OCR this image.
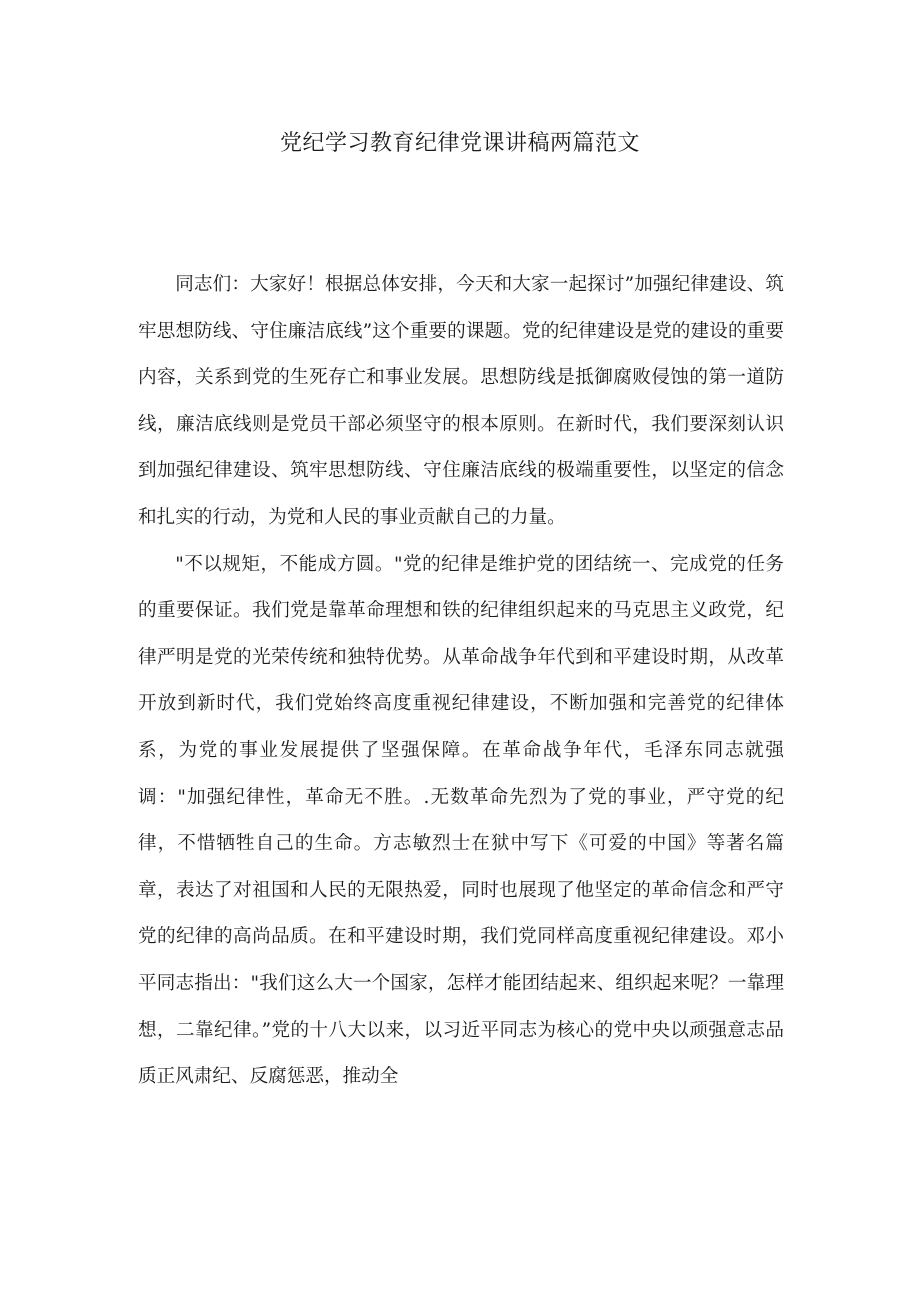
党纪学习教育纪律党课讲稿两篇范文

同志们：大家好！根据总体安排，今天和大家一起探讨”加强纪律建设、筑牢思想防线、守住廉洁底线”这个重要的课题。党的纪律建设是党的建设的重要内容，关系到党的生死存亡和事业发展。思想防线是抵御腐败侵蚀的第一道防线，廉洁底线则是党员干部必须坚守的根本原则。在新时代，我们要深刻认识到加强纪律建设、筑牢思想防线、守住廉洁底线的极端重要性，以坚定的信念和扎实的行动，为党和人民的事业贡献自己的力量。

"不以规矩，不能成方圆。"党的纪律是维护党的团结统一、完成党的任务的重要保证。我们党是靠革命理想和铁的纪律组织起来的马克思主义政党，纪律严明是党的光荣传统和独特优势。从革命战争年代到和平建设时期，从改革开放到新时代，我们党始终高度重视纪律建设，不断加强和完善党的纪律体系，为党的事业发展提供了坚强保障。在革命战争年代，毛泽东同志就强调："加强纪律性，革命无不胜。.无数革命先烈为了党的事业，严守党的纪律，不惜牺牲自己的生命。方志敏烈士在狱中写下《可爱的中国》等著名篇章，表达了对祖国和人民的无限热爱，同时也展现了他坚定的革命信念和严守党的纪律的高尚品质。在和平建设时期，我们党同样高度重视纪律建设。邓小平同志指出："我们这么大一个国家，怎样才能团结起来、组织起来呢？一靠理想，二靠纪律。”党的十八大以来，以习近平同志为核心的党中央以顽强意志品质正风肃纪、反腐惩恶，推动全
